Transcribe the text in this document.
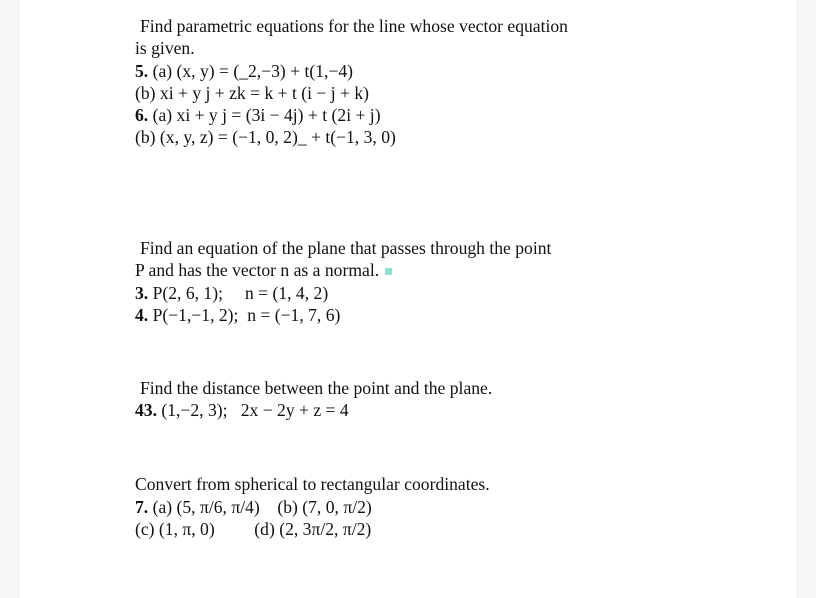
Find parametric equations for the line whose vector equation
is given.
5. (a) (x, y) = (_2,−3) + t(1,−4)
(b) xi + y j + zk = k + t (i − j + k)
6. (a) xi + y j = (3i − 4j) + t (2i + j)
(b) (x, y, z) = (−1, 0, 2)_ + t(−1, 3, 0)
Find an equation of the plane that passes through the point
P and has the vector n as a normal.
3. P(2, 6, 1);     n = (1, 4, 2)
4. P(−1,−1, 2);  n = (−1, 7, 6)
Find the distance between the point and the plane.
43. (1,−2, 3);   2x − 2y + z = 4
Convert from spherical to rectangular coordinates.
7. (a) (5, π/6, π/4)    (b) (7, 0, π/2)
(c) (1, π, 0)         (d) (2, 3π/2, π/2)
